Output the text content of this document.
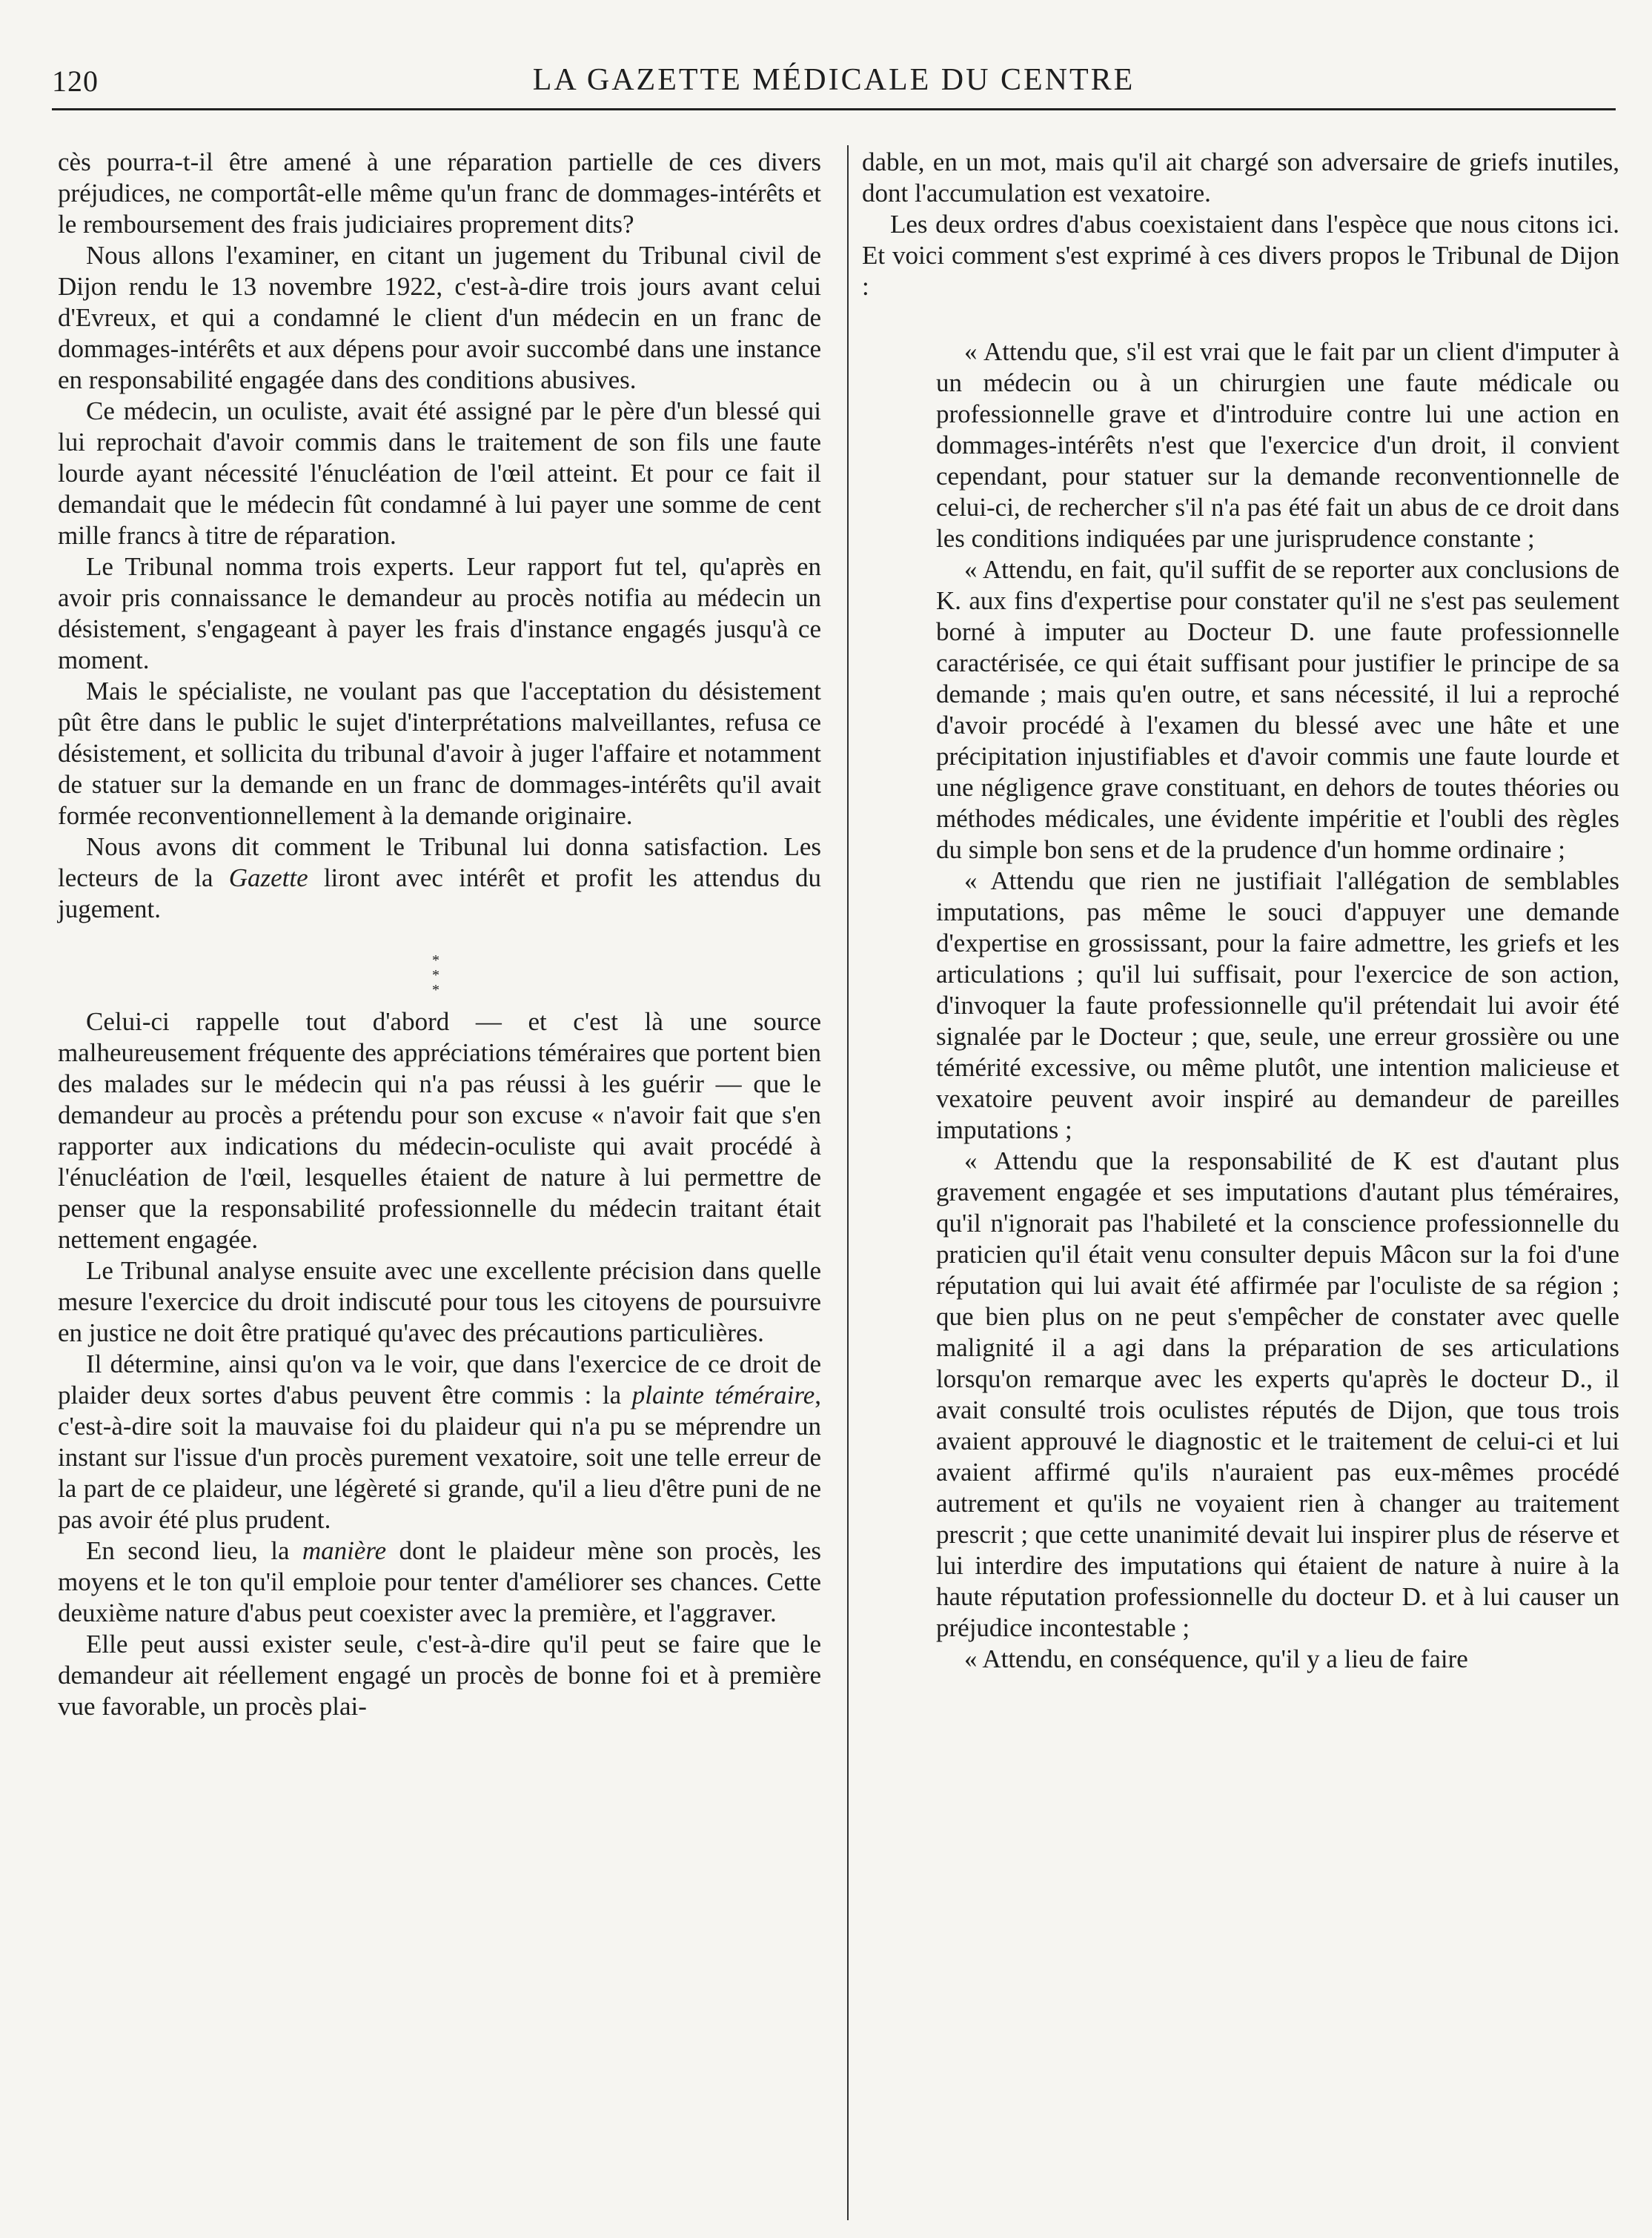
120	LA GAZETTE MÉDICALE DU CENTRE

cès pourra-t-il être amené à une réparation partielle de ces divers préjudices, ne comportât-elle même qu'un franc de dommages-intérêts et le remboursement des frais judiciaires proprement dits?

Nous allons l'examiner, en citant un jugement du Tribunal civil de Dijon rendu le 13 novembre 1922, c'est-à-dire trois jours avant celui d'Evreux, et qui a condamné le client d'un médecin en un franc de dommages-intérêts et aux dépens pour avoir succombé dans une instance en responsabilité engagée dans des conditions abusives.

Ce médecin, un oculiste, avait été assigné par le père d'un blessé qui lui reprochait d'avoir commis dans le traitement de son fils une faute lourde ayant nécessité l'énucléation de l'œil atteint. Et pour ce fait il demandait que le médecin fût condamné à lui payer une somme de cent mille francs à titre de réparation.

Le Tribunal nomma trois experts. Leur rapport fut tel, qu'après en avoir pris connaissance le demandeur au procès notifia au médecin un désistement, s'engageant à payer les frais d'instance engagés jusqu'à ce moment.

Mais le spécialiste, ne voulant pas que l'acceptation du désistement pût être dans le public le sujet d'interprétations malveillantes, refusa ce désistement, et sollicita du tribunal d'avoir à juger l'affaire et notamment de statuer sur la demande en un franc de dommages-intérêts qu'il avait formée reconventionnellement à la demande originaire.

Nous avons dit comment le Tribunal lui donna satisfaction. Les lecteurs de la Gazette liront avec intérêt et profit les attendus du jugement.

*
* *

Celui-ci rappelle tout d'abord — et c'est là une source malheureusement fréquente des appréciations téméraires que portent bien des malades sur le médecin qui n'a pas réussi à les guérir — que le demandeur au procès a prétendu pour son excuse « n'avoir fait que s'en rapporter aux indications du médecin-oculiste qui avait procédé à l'énucléation de l'œil, lesquelles étaient de nature à lui permettre de penser que la responsabilité professionnelle du médecin traitant était nettement engagée.

Le Tribunal analyse ensuite avec une excellente précision dans quelle mesure l'exercice du droit indiscuté pour tous les citoyens de poursuivre en justice ne doit être pratiqué qu'avec des précautions particulières.

Il détermine, ainsi qu'on va le voir, que dans l'exercice de ce droit de plaider deux sortes d'abus peuvent être commis : la plainte téméraire, c'est-à-dire soit la mauvaise foi du plaideur qui n'a pu se méprendre un instant sur l'issue d'un procès purement vexatoire, soit une telle erreur de la part de ce plaideur, une légèreté si grande, qu'il a lieu d'être puni de ne pas avoir été plus prudent.

En second lieu, la manière dont le plaideur mène son procès, les moyens et le ton qu'il emploie pour tenter d'améliorer ses chances. Cette deuxième nature d'abus peut coexister avec la première, et l'aggraver.

Elle peut aussi exister seule, c'est-à-dire qu'il peut se faire que le demandeur ait réellement engagé un procès de bonne foi et à première vue favorable, un procès plai-

dable, en un mot, mais qu'il ait chargé son adversaire de griefs inutiles, dont l'accumulation est vexatoire.

Les deux ordres d'abus coexistaient dans l'espèce que nous citons ici. Et voici comment s'est exprimé à ces divers propos le Tribunal de Dijon :

« Attendu que, s'il est vrai que le fait par un client d'imputer à un médecin ou à un chirurgien une faute médicale ou professionnelle grave et d'introduire contre lui une action en dommages-intérêts n'est que l'exercice d'un droit, il convient cependant, pour statuer sur la demande reconventionnelle de celui-ci, de rechercher s'il n'a pas été fait un abus de ce droit dans les conditions indiquées par une jurisprudence constante ;

« Attendu, en fait, qu'il suffit de se reporter aux conclusions de K. aux fins d'expertise pour constater qu'il ne s'est pas seulement borné à imputer au Docteur D. une faute professionnelle caractérisée, ce qui était suffisant pour justifier le principe de sa demande ; mais qu'en outre, et sans nécessité, il lui a reproché d'avoir procédé à l'examen du blessé avec une hâte et une précipitation injustifiables et d'avoir commis une faute lourde et une négligence grave constituant, en dehors de toutes théories ou méthodes médicales, une évidente impéritie et l'oubli des règles du simple bon sens et de la prudence d'un homme ordinaire ;

« Attendu que rien ne justifiait l'allégation de semblables imputations, pas même le souci d'appuyer une demande d'expertise en grossissant, pour la faire admettre, les griefs et les articulations ; qu'il lui suffisait, pour l'exercice de son action, d'invoquer la faute professionnelle qu'il prétendait lui avoir été signalée par le Docteur ; que, seule, une erreur grossière ou une témérité excessive, ou même plutôt, une intention malicieuse et vexatoire peuvent avoir inspiré au demandeur de pareilles imputations ;

« Attendu que la responsabilité de K est d'autant plus gravement engagée et ses imputations d'autant plus téméraires, qu'il n'ignorait pas l'habileté et la conscience professionnelle du praticien qu'il était venu consulter depuis Mâcon sur la foi d'une réputation qui lui avait été affirmée par l'oculiste de sa région ; que bien plus on ne peut s'empêcher de constater avec quelle malignité il a agi dans la préparation de ses articulations lorsqu'on remarque avec les experts qu'après le docteur D., il avait consulté trois oculistes réputés de Dijon, que tous trois avaient approuvé le diagnostic et le traitement de celui-ci et lui avaient affirmé qu'ils n'auraient pas eux-mêmes procédé autrement et qu'ils ne voyaient rien à changer au traitement prescrit ; que cette unanimité devait lui inspirer plus de réserve et lui interdire des imputations qui étaient de nature à nuire à la haute réputation professionnelle du docteur D. et à lui causer un préjudice incontestable ;

« Attendu, en conséquence, qu'il y a lieu de faire
